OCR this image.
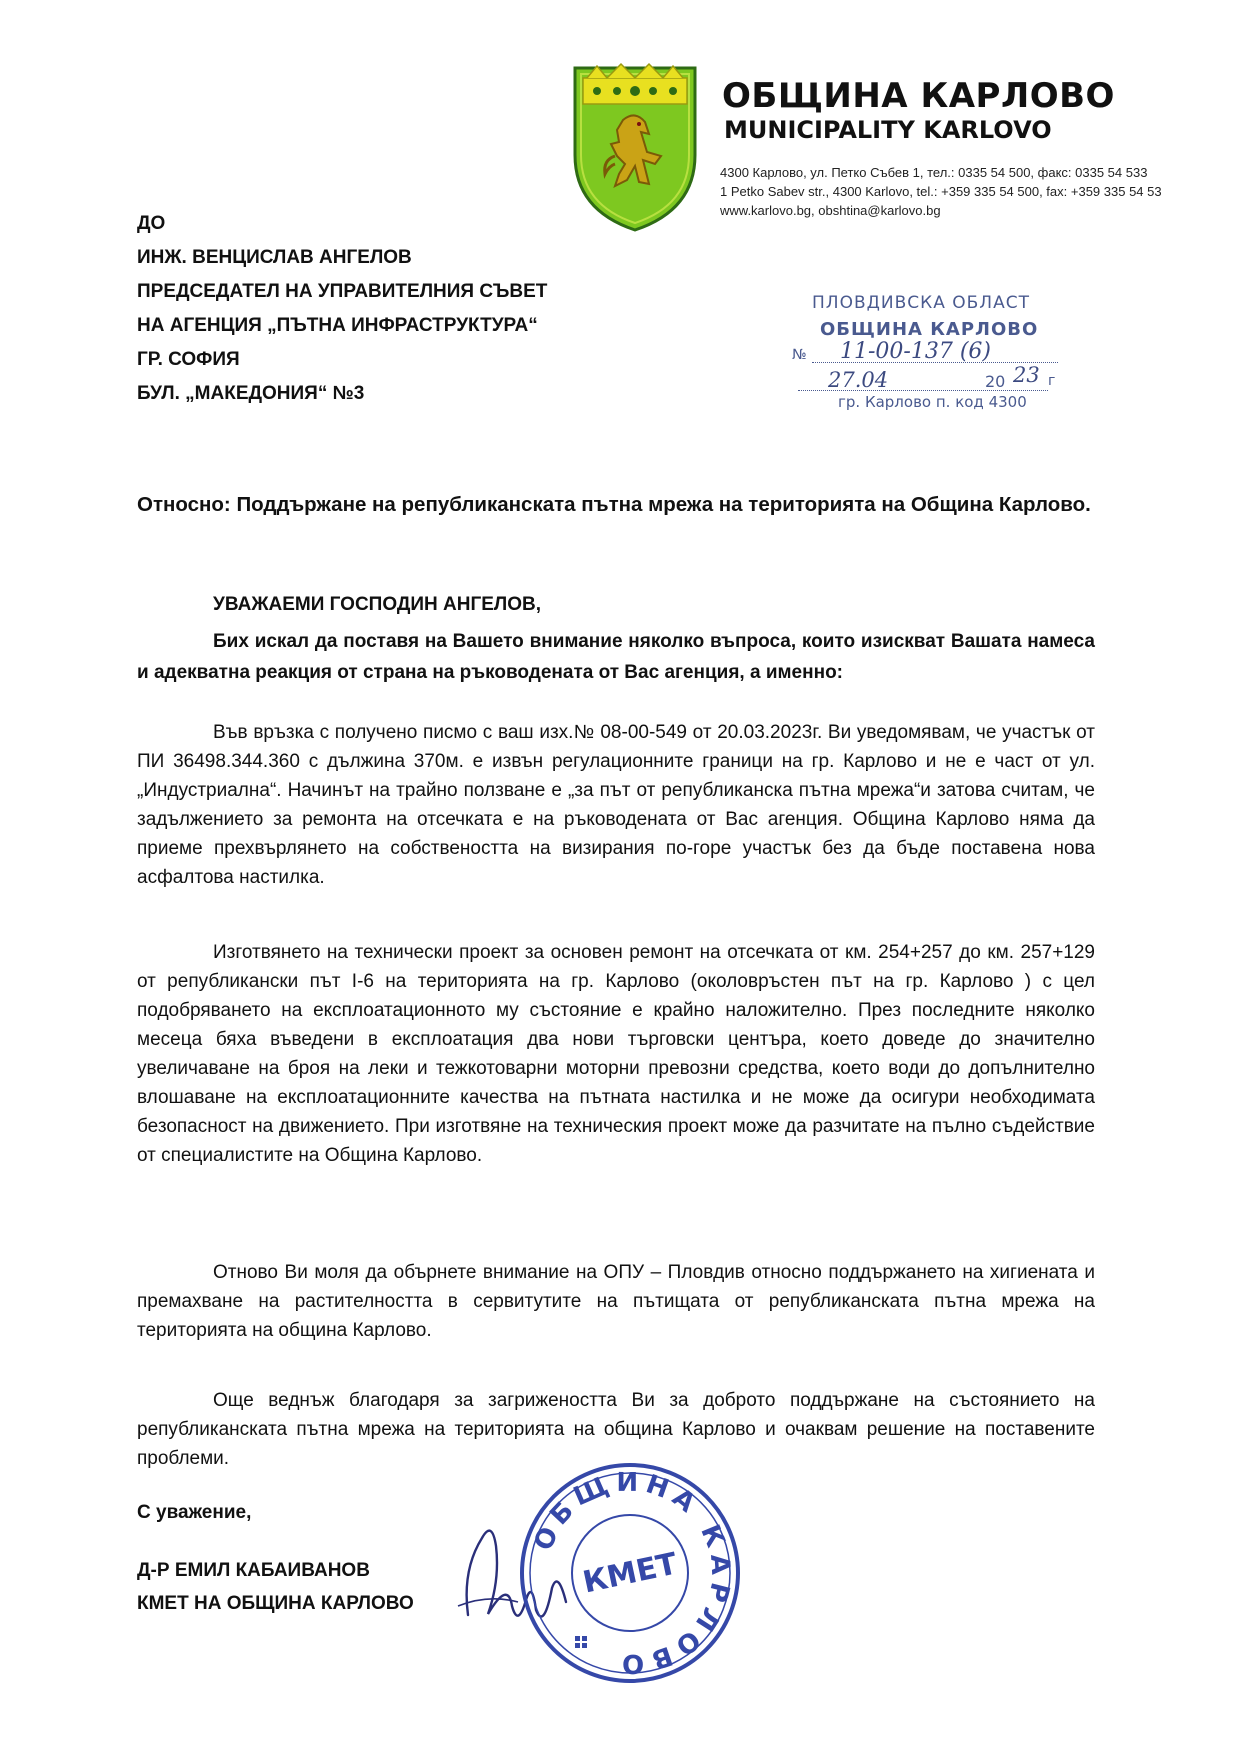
ОБЩИНА КАРЛОВО
MUNICIPALITY KARLOVO
4300 Карлово, ул. Петко Събев 1, тел.: 0335 54 500, факс: 0335 54 533
1 Petko Sabev str., 4300 Karlovo, tel.: +359 335 54 500, fax: +359 335 54 53
www.karlovo.bg, obshtina@karlovo.bg
ДО
ИНЖ. ВЕНЦИСЛАВ АНГЕЛОВ
ПРЕДСЕДАТЕЛ НА УПРАВИТЕЛНИЯ СЪВЕТ
НА АГЕНЦИЯ „ПЪТНА ИНФРАСТРУКТУРА“
ГР. СОФИЯ
БУЛ. „МАКЕДОНИЯ“ №3
ПЛОВДИВСКА ОБЛАСТ
ОБЩИНА КАРЛОВО
№ 11-00-137 (6)
27.04	20 23 г
гр. Карлово п. код 4300
Относно: Поддържане на републиканската пътна мрежа на територията на Община Карлово.
УВАЖАЕМИ ГОСПОДИН АНГЕЛОВ,
Бих искал да поставя на Вашето внимание няколко въпроса, които изискват Вашата намеса и адекватна реакция от страна на ръководената от Вас агенция, а именно:
Във връзка с получено писмо с ваш изх.№ 08-00-549 от 20.03.2023г. Ви уведомявам, че участък от ПИ 36498.344.360 с дължина 370м. е извън регулационните граници на гр. Карлово и не е част от ул. „Индустриална“. Начинът на трайно ползване е „за път от републиканска пътна мрежа“и затова считам, че задължението за ремонта на отсечката е на ръководената от Вас агенция. Община Карлово няма да приеме прехвърлянето на собствеността на визирания по-горе участък без да бъде поставена нова асфалтова настилка.
Изготвянето на технически проект за основен ремонт на отсечката от км. 254+257 до км. 257+129 от републикански път I-6 на територията на гр. Карлово (околовръстен път на гр. Карлово ) с цел подобряването на експлоатационното му състояние е крайно наложително. През последните няколко месеца бяха въведени в експлоатация два нови търговски центъра, което доведе до значително увеличаване на броя на леки и тежкотоварни моторни превозни средства, което води до допълнително влошаване на експлоатационните качества на пътната настилка и не може да осигури необходимата безопасност на движението. При изготвяне на техническия проект може да разчитате на пълно съдействие от специалистите на Община Карлово.
Отново Ви моля да обърнете внимание на ОПУ – Пловдив относно поддържането на хигиената и премахване на растителността в сервитутите на пътищата от републиканската пътна мрежа на територията на община Карлово.
Още веднъж благодаря за загрижеността Ви за доброто поддържане на състоянието на републиканската пътна мрежа на територията на община Карлово и очаквам решение на поставените проблеми.
С уважение,
Д-Р ЕМИЛ КАБАИВАНОВ
КМЕТ НА ОБЩИНА КАРЛОВО
ОБЩИНА КАРЛОВО
КМЕТ
